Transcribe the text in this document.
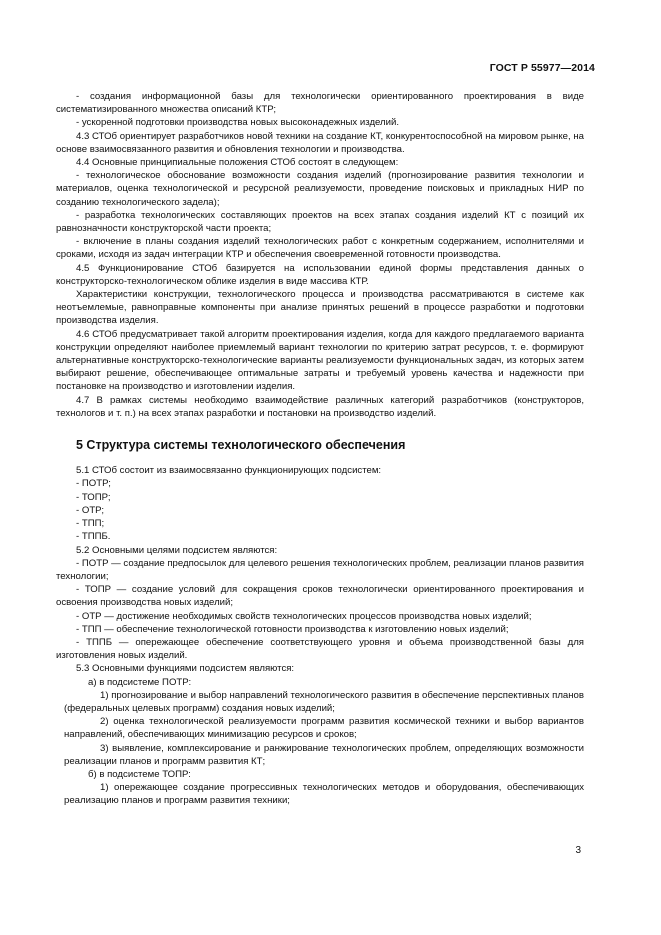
ГОСТ Р 55977—2014

- создания информационной базы для технологически ориентированного проектирования в виде систематизированного множества описаний КТР;

- ускоренной подготовки производства новых высоконадежных изделий.

4.3 СТОб ориентирует разработчиков новой техники на создание КТ, конкурентоспособной на мировом рынке, на основе взаимосвязанного развития и обновления технологии и производства.

4.4 Основные принципиальные положения СТОб состоят в следующем:

- технологическое обоснование возможности создания изделий (прогнозирование развития технологии и материалов, оценка технологической и ресурсной реализуемости, проведение поисковых и прикладных НИР по созданию технологического задела);

- разработка технологических составляющих проектов на всех этапах создания изделий КТ с позиций их равнозначности конструкторской части проекта;

- включение в планы создания изделий технологических работ с конкретным содержанием, исполнителями и сроками, исходя из задач интеграции КТР и обеспечения своевременной готовности производства.

4.5 Функционирование СТОб базируется на использовании единой формы представления данных о конструкторско-технологическом облике изделия в виде массива КТР.

Характеристики конструкции, технологического процесса и производства рассматриваются в системе как неотъемлемые, равноправные компоненты при анализе принятых решений в процессе разработки и подготовки производства изделия.

4.6 СТОб предусматривает такой алгоритм проектирования изделия, когда для каждого предлагаемого варианта конструкции определяют наиболее приемлемый вариант технологии по критерию затрат ресурсов, т. е. формируют альтернативные конструкторско-технологические варианты реализуемости функциональных задач, из которых затем выбирают решение, обеспечивающее оптимальные затраты и требуемый уровень качества и надежности при постановке на производство и изготовлении изделия.

4.7 В рамках системы необходимо взаимодействие различных категорий разработчиков (конструкторов, технологов и т. п.) на всех этапах разработки и постановки на производство изделий.

5 Структура системы технологического обеспечения

5.1 СТОб состоит из взаимосвязанно функционирующих подсистем:

- ПОТР;

- ТОПР;

- ОТР;

- ТПП;

- ТППБ.

5.2 Основными целями подсистем являются:

- ПОТР — создание предпосылок для целевого решения технологических проблем, реализации планов развития технологии;

- ТОПР — создание условий для сокращения сроков технологически ориентированного проектирования и освоения производства новых изделий;

- ОТР — достижение необходимых свойств технологических процессов производства новых изделий;

- ТПП — обеспечение технологической готовности производства к изготовлению новых изделий;

- ТППБ — опережающее обеспечение соответствующего уровня и объема производственной базы для изготовления новых изделий.

5.3 Основными функциями подсистем являются:

а) в подсистеме ПОТР:

1) прогнозирование и выбор направлений технологического развития в обеспечение перспективных планов (федеральных целевых программ) создания новых изделий;

2) оценка технологической реализуемости программ развития космической техники и выбор вариантов направлений, обеспечивающих минимизацию ресурсов и сроков;

3) выявление, комплексирование и ранжирование технологических проблем, определяющих возможности реализации планов и программ развития КТ;

б) в подсистеме ТОПР:

1) опережающее создание прогрессивных технологических методов и оборудования, обеспечивающих реализацию планов и программ развития техники;

3
